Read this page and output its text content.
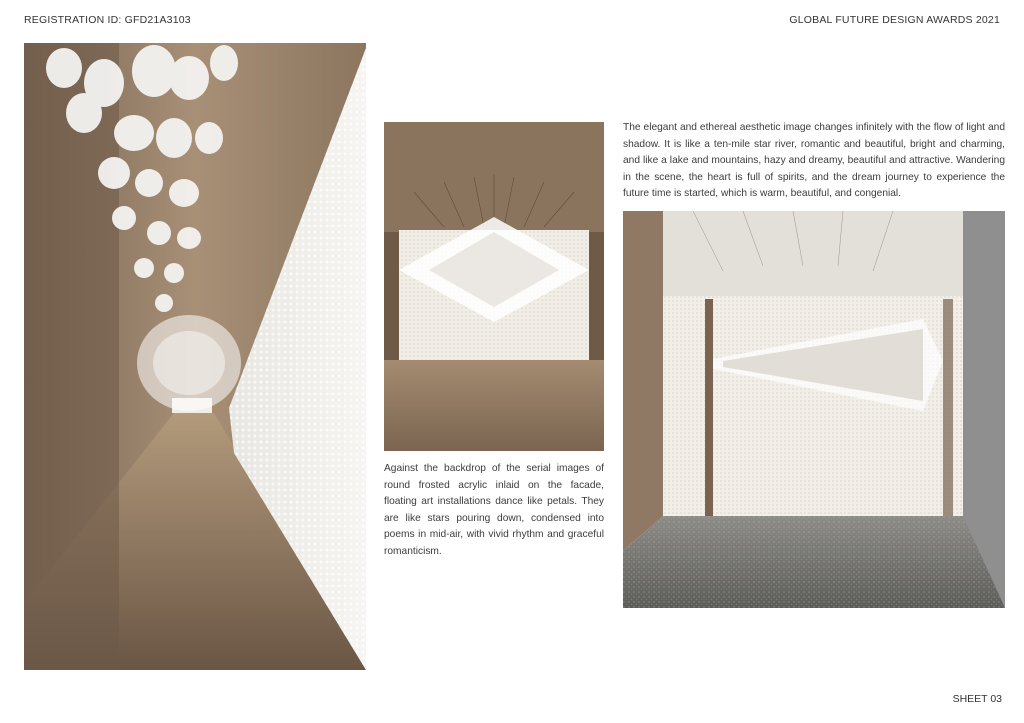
REGISTRATION ID: GFD21A3103	GLOBAL FUTURE DESIGN AWARDS 2021

The elegant and ethereal aesthetic image changes infinitely with the flow of light and shadow. It is like a ten-mile star river, romantic and beautiful, bright and charming, and like a lake and mountains, hazy and dreamy, beautiful and attractive. Wandering in the scene, the heart is full of spirits, and the dream journey to experience the future time is started, which is warm, beautiful, and congenial.

Against the backdrop of the serial images of round frosted acrylic inlaid on the facade, floating art installations dance like petals. They are like stars pouring down, condensed into poems in mid-air, with vivid rhythm and graceful romanticism.

SHEET 03
